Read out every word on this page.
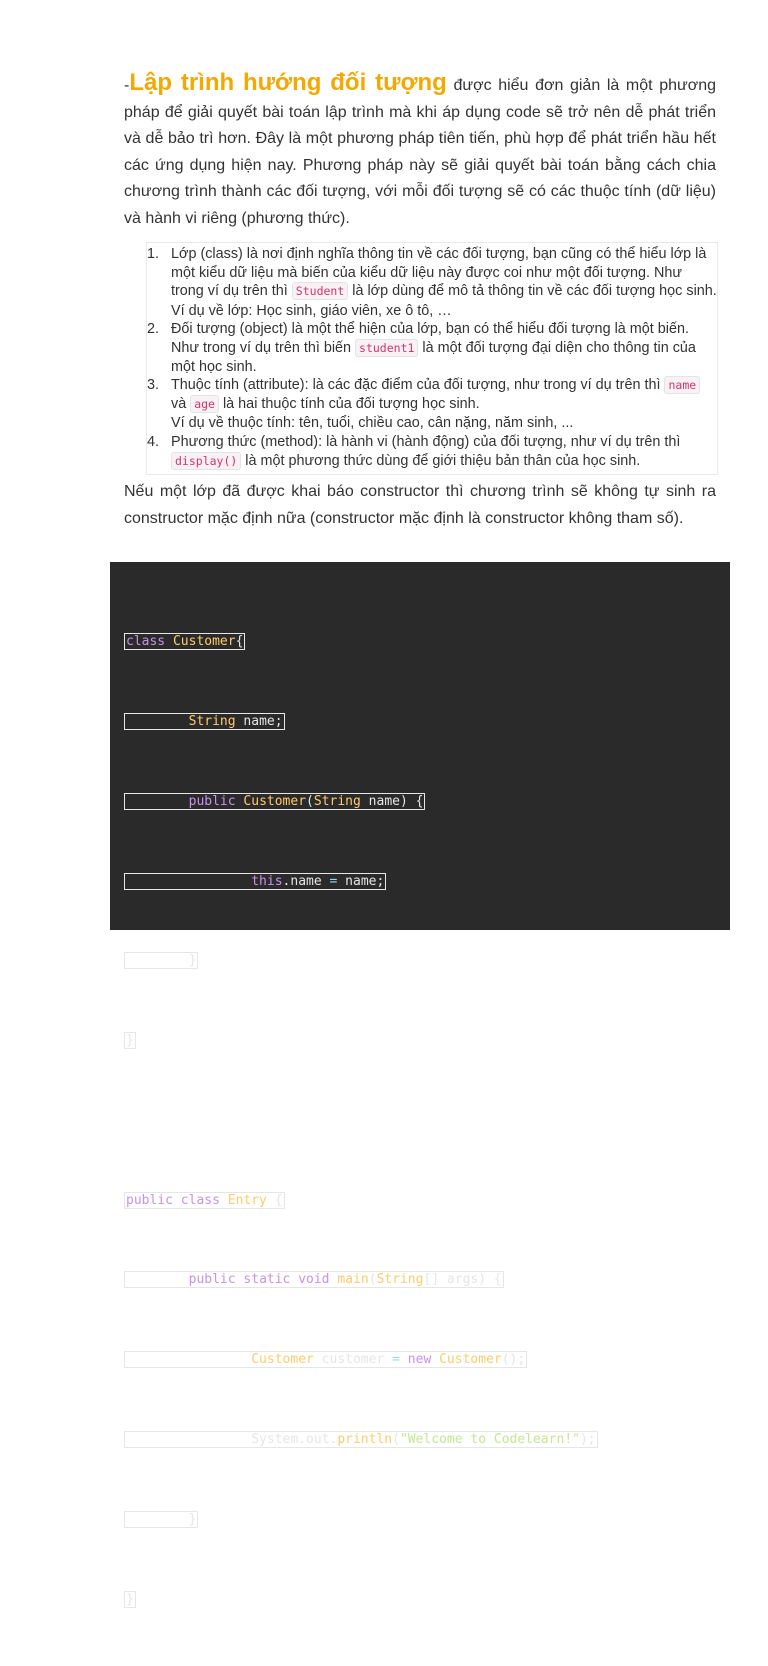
-Lập trình hướng đối tượng được hiểu đơn giản là một phương pháp để giải quyết bài toán lập trình mà khi áp dụng code sẽ trở nên dễ phát triển và dễ bảo trì hơn. Đây là một phương pháp tiên tiến, phù hợp để phát triển hầu hết các ứng dụng hiện nay. Phương pháp này sẽ giải quyết bài toán bằng cách chia chương trình thành các đối tượng, với mỗi đối tượng sẽ có các thuộc tính (dữ liệu) và hành vi riêng (phương thức).

1. Lớp (class) là nơi định nghĩa thông tin về các đối tượng, bạn cũng có thể hiểu lớp là một kiểu dữ liệu mà biến của kiểu dữ liệu này được coi như một đối tượng. Như trong ví dụ trên thì Student là lớp dùng để mô tả thông tin về các đối tượng học sinh.
Ví dụ về lớp: Học sinh, giáo viên, xe ô tô, …
2. Đối tượng (object) là một thể hiện của lớp, bạn có thể hiểu đối tượng là một biến. Như trong ví dụ trên thì biến student1 là một đối tượng đại diện cho thông tin của một học sinh.
3. Thuộc tính (attribute): là các đặc điểm của đối tượng, như trong ví dụ trên thì name và age là hai thuộc tính của đối tượng học sinh.
Ví dụ về thuộc tính: tên, tuổi, chiều cao, cân nặng, năm sinh, ...
4. Phương thức (method): là hành vi (hành động) của đối tượng, như ví dụ trên thì display() là một phương thức dùng để giới thiệu bản thân của học sinh.

Nếu một lớp đã được khai báo constructor thì chương trình sẽ không tự sinh ra constructor mặc định nữa (constructor mặc định là constructor không tham số).

class Customer{

String name;

public Customer(String name) {

this.name = name;

}

}

public class Entry {

public static void main(String[] args) {

Customer customer = new Customer();

System.out.println("Welcome to Codelearn!");

}

}
